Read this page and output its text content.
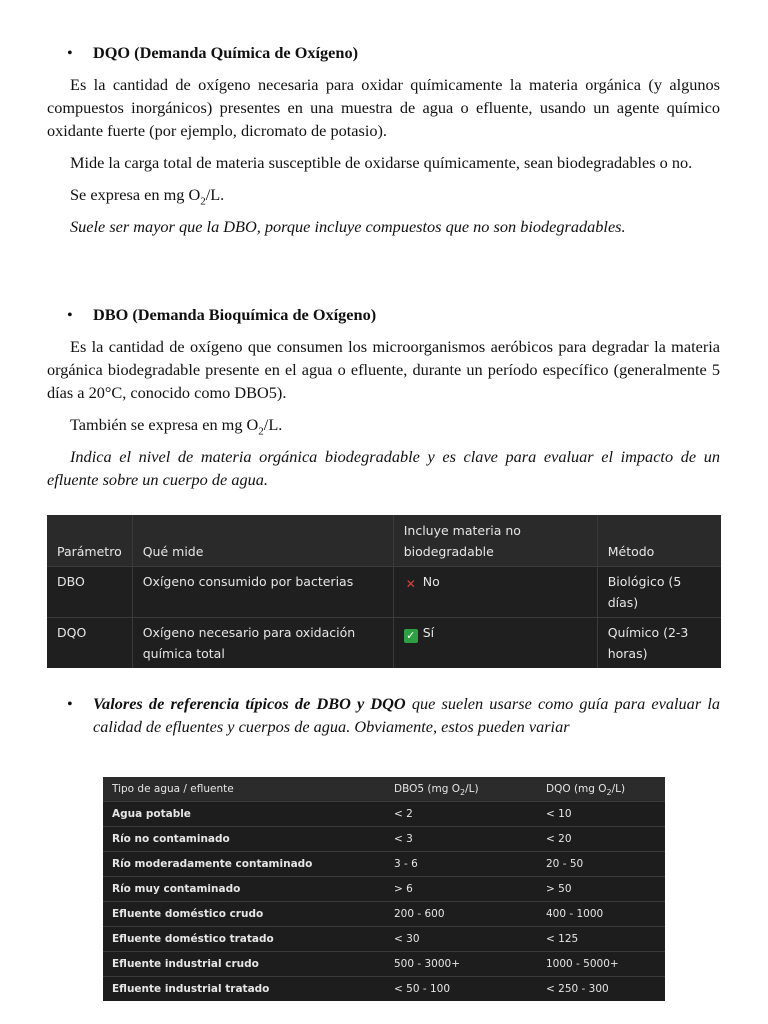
• DQO (Demanda Química de Oxígeno)

Es la cantidad de oxígeno necesaria para oxidar químicamente la materia orgánica (y algunos compuestos inorgánicos) presentes en una muestra de agua o efluente, usando un agente químico oxidante fuerte (por ejemplo, dicromato de potasio).

Mide la carga total de materia susceptible de oxidarse químicamente, sean biodegradables o no.

Se expresa en mg $O_2/L$.

Suele ser mayor que la DBO, porque incluye compuestos que no son biodegradables.

• DBO (Demanda Bioquímica de Oxígeno)

Es la cantidad de oxígeno que consumen los microorganismos aeróbicos para degradar la materia orgánica biodegradable presente en el agua o efluente, durante un período específico (generalmente 5 días a 20°C, conocido como DBO5).

También se expresa en mg $O_2/L$.

Indica el nivel de materia orgánica biodegradable y es clave para evaluar el impacto de un efluente sobre un cuerpo de agua.

Parámetro	Qué mide	Incluye materia no biodegradable	Método
DBO	Oxígeno consumido por bacterias	✕ No	Biológico (5 días)
DQO	Oxígeno necesario para oxidación química total	✓ Sí	Químico (2-3 horas)

• Valores de referencia típicos de DBO y DQO que suelen usarse como guía para evaluar la calidad de efluentes y cuerpos de agua. Obviamente, estos pueden variar

Tipo de agua / efluente	DBO5 (mg $O_2/L$)	DQO (mg $O_2/L$)
Agua potable	< 2	< 10
Río no contaminado	< 3	< 20
Río moderadamente contaminado	3 - 6	20 - 50
Río muy contaminado	> 6	> 50
Efluente doméstico crudo	200 - 600	400 - 1000
Efluente doméstico tratado	< 30	< 125
Efluente industrial crudo	500 - 3000+	1000 - 5000+
Efluente industrial tratado	< 50 - 100	< 250 - 300
